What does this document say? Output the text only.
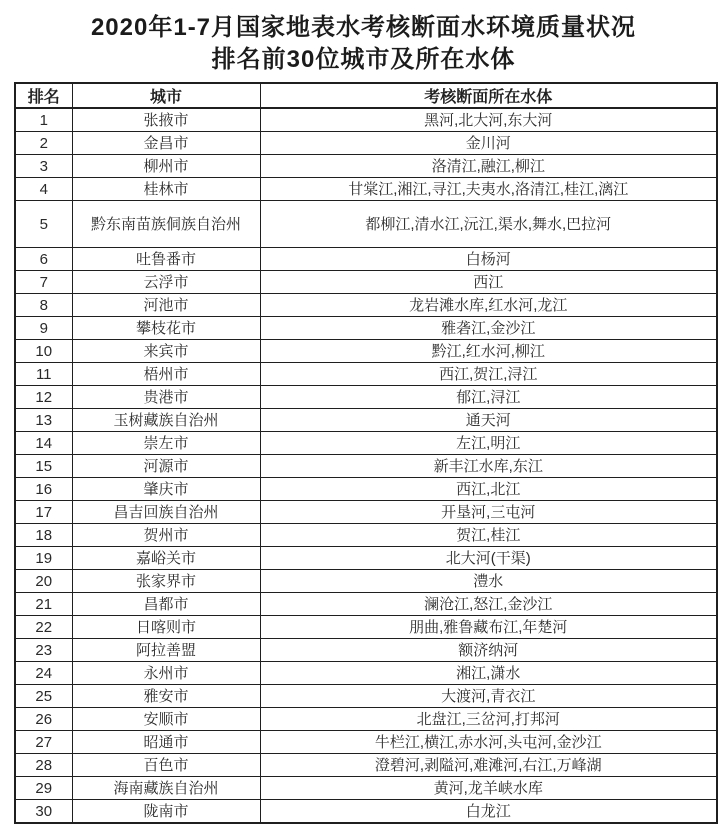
2020年1-7月国家地表水考核断面水环境质量状况
排名前30位城市及所在水体
排名	城市	考核断面所在水体
1	张掖市	黑河,北大河,东大河
2	金昌市	金川河
3	柳州市	洛清江,融江,柳江
4	桂林市	甘棠江,湘江,寻江,夫夷水,洛清江,桂江,漓江
5	黔东南苗族侗族自治州	都柳江,清水江,沅江,渠水,舞水,巴拉河
6	吐鲁番市	白杨河
7	云浮市	西江
8	河池市	龙岩滩水库,红水河,龙江
9	攀枝花市	雅砻江,金沙江
10	来宾市	黔江,红水河,柳江
11	梧州市	西江,贺江,浔江
12	贵港市	郁江,浔江
13	玉树藏族自治州	通天河
14	崇左市	左江,明江
15	河源市	新丰江水库,东江
16	肇庆市	西江,北江
17	昌吉回族自治州	开垦河,三屯河
18	贺州市	贺江,桂江
19	嘉峪关市	北大河(干渠)
20	张家界市	澧水
21	昌都市	澜沧江,怒江,金沙江
22	日喀则市	朋曲,雅鲁藏布江,年楚河
23	阿拉善盟	额济纳河
24	永州市	湘江,潇水
25	雅安市	大渡河,青衣江
26	安顺市	北盘江,三岔河,打邦河
27	昭通市	牛栏江,横江,赤水河,头屯河,金沙江
28	百色市	澄碧河,剥隘河,难滩河,右江,万峰湖
29	海南藏族自治州	黄河,龙羊峡水库
30	陇南市	白龙江
